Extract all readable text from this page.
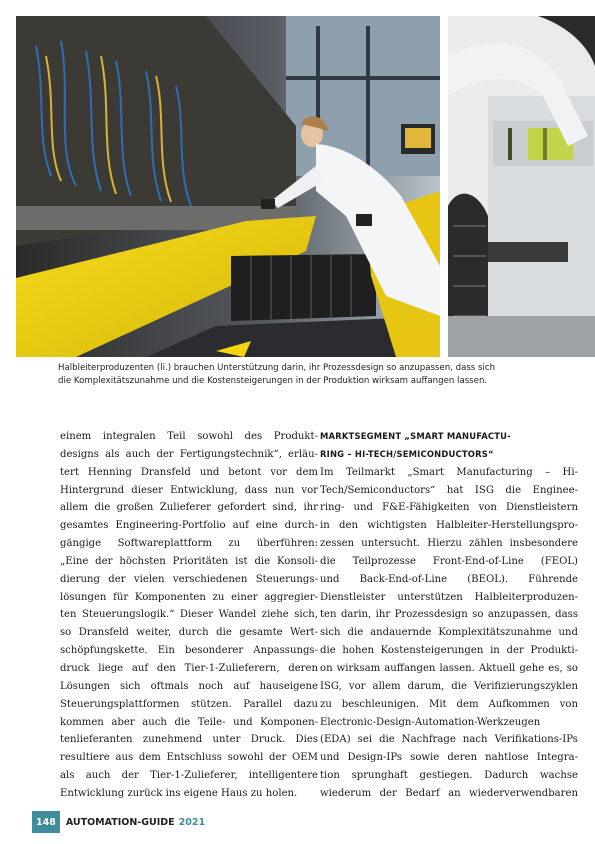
Halbleiterproduzenten (li.) brauchen Unterstützung darin, ihr Prozessdesign so anzupassen, dass sich

die Komplexitätszunahme und die Kostensteigerungen in der Produktion wirksam auffangen lassen.

einem integralen Teil sowohl des Produkt-
designs als auch der Fertigungstechnik“, erläu-
tert Henning Dransfeld und betont vor dem
Hintergrund dieser Entwicklung, dass nun vor
allem die großen Zulieferer gefordert sind, ihr
gesamtes Engineering-Portfolio auf eine durch-
gängige Softwareplattform zu überführen:
„Eine der höchsten Prioritäten ist die Konsoli-
dierung der vielen verschiedenen Steuerungs-
lösungen für Komponenten zu einer aggregier-
ten Steuerungslogik.“ Dieser Wandel ziehe sich,
so Dransfeld weiter, durch die gesamte Wert-
schöpfungskette. Ein besonderer Anpassungs-
druck liege auf den Tier-1-Zulieferern, deren
Lösungen sich oftmals noch auf hauseigene
Steuerungsplattformen stützen. Parallel dazu
kommen aber auch die Teile- und Komponen-
tenlieferanten zunehmend unter Druck. Dies
resultiere aus dem Entschluss sowohl der OEM
als auch der Tier-1-Zulieferer, intelligentere
Entwicklung zurück ins eigene Haus zu holen.
MARKTSEGMENT „SMART MANUFACTU-
RING – HI-TECH/SEMICONDUCTORS“
Im Teilmarkt „Smart Manufacturing – Hi-
Tech/Semiconductors“ hat ISG die Enginee-
ring- und F&E-Fähigkeiten von Dienstleistern
in den wichtigsten Halbleiter-Herstellungspro-
zessen untersucht. Hierzu zählen insbesondere
die Teilprozesse Front-End-of-Line (FEOL)
und Back-End-of-Line (BEOL). Führende
Dienstleister unterstützen Halbleiterproduzen-
ten darin, ihr Prozessdesign so anzupassen, dass
sich die andauernde Komplexitätszunahme und
die hohen Kostensteigerungen in der Produkti-
on wirksam auffangen lassen. Aktuell gehe es, so
ISG, vor allem darum, die Verifizierungszyklen
zu beschleunigen. Mit dem Aufkommen von
Electronic-Design-Automation-Werkzeugen
(EDA) sei die Nachfrage nach Verifikations-IPs
und Design-IPs sowie deren nahtlose Integra-
tion sprunghaft gestiegen. Dadurch wachse
wiederum der Bedarf an wiederverwendbaren
148	AUTOMATION-GUIDE 2021
